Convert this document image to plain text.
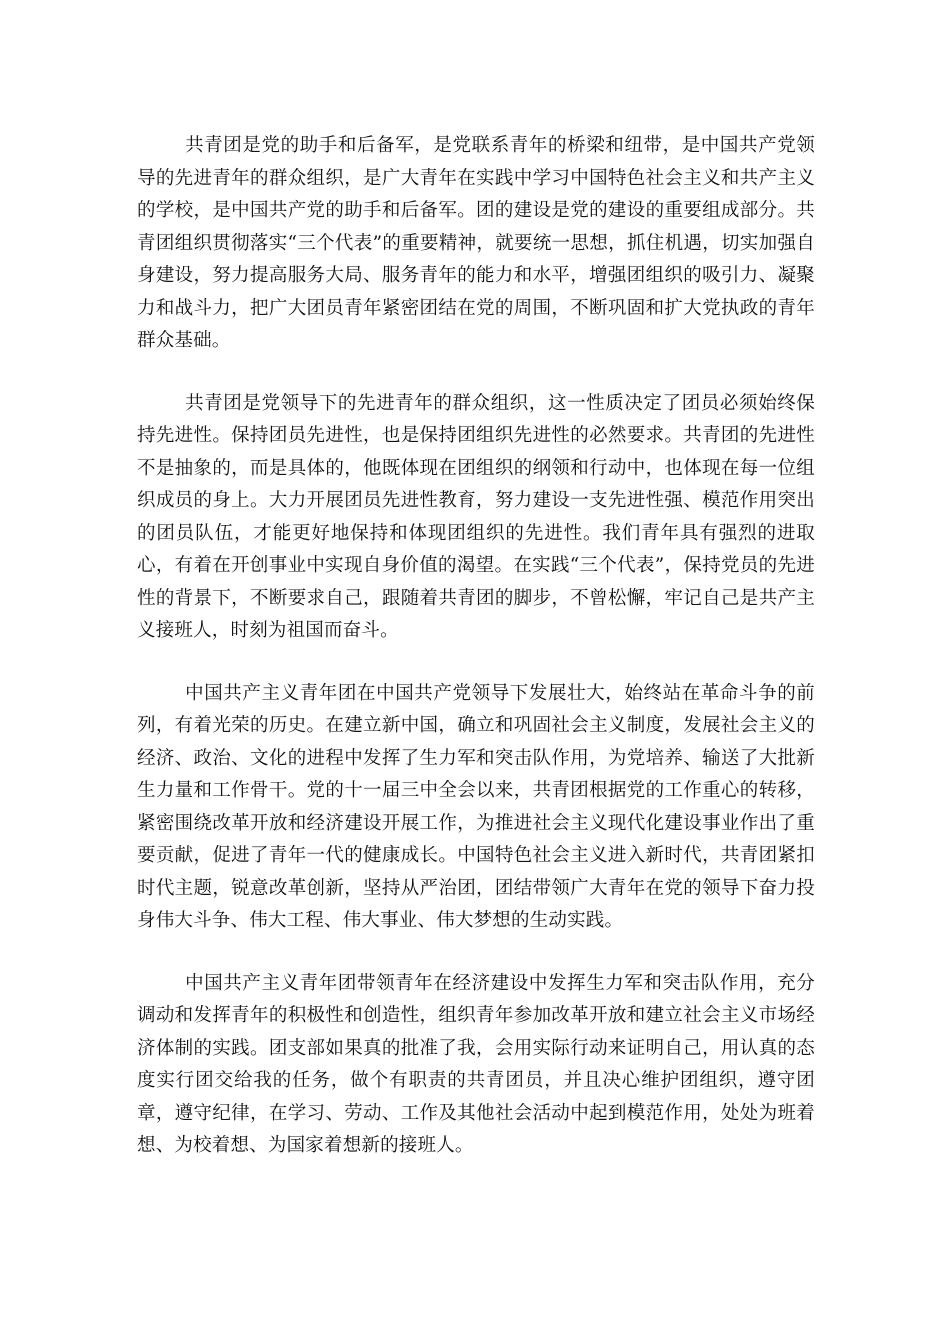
共青团是党的助手和后备军，是党联系青年的桥梁和纽带，是中国共产党领导的先进青年的群众组织，是广大青年在实践中学习中国特色社会主义和共产主义的学校，是中国共产党的助手和后备军。团的建设是党的建设的重要组成部分。共青团组织贯彻落实“三个代表”的重要精神，就要统一思想，抓住机遇，切实加强自身建设，努力提高服务大局、服务青年的能力和水平，增强团组织的吸引力、凝聚力和战斗力，把广大团员青年紧密团结在党的周围，不断巩固和扩大党执政的青年群众基础。

共青团是党领导下的先进青年的群众组织，这一性质决定了团员必须始终保持先进性。保持团员先进性，也是保持团组织先进性的必然要求。共青团的先进性不是抽象的，而是具体的，他既体现在团组织的纲领和行动中，也体现在每一位组织成员的身上。大力开展团员先进性教育，努力建设一支先进性强、模范作用突出的团员队伍，才能更好地保持和体现团组织的先进性。我们青年具有强烈的进取心，有着在开创事业中实现自身价值的渴望。在实践“三个代表”，保持党员的先进性的背景下，不断要求自己，跟随着共青团的脚步，不曾松懈，牢记自己是共产主义接班人，时刻为祖国而奋斗。

中国共产主义青年团在中国共产党领导下发展壮大，始终站在革命斗争的前列，有着光荣的历史。在建立新中国，确立和巩固社会主义制度，发展社会主义的经济、政治、文化的进程中发挥了生力军和突击队作用，为党培养、输送了大批新生力量和工作骨干。党的十一届三中全会以来，共青团根据党的工作重心的转移，紧密围绕改革开放和经济建设开展工作，为推进社会主义现代化建设事业作出了重要贡献，促进了青年一代的健康成长。中国特色社会主义进入新时代，共青团紧扣时代主题，锐意改革创新，坚持从严治团，团结带领广大青年在党的领导下奋力投身伟大斗争、伟大工程、伟大事业、伟大梦想的生动实践。

中国共产主义青年团带领青年在经济建设中发挥生力军和突击队作用，充分调动和发挥青年的积极性和创造性，组织青年参加改革开放和建立社会主义市场经济体制的实践。团支部如果真的批准了我，会用实际行动来证明自己，用认真的态度实行团交给我的任务，做个有职责的共青团员，并且决心维护团组织，遵守团章，遵守纪律，在学习、劳动、工作及其他社会活动中起到模范作用，处处为班着想、为校着想、为国家着想新的接班人。
